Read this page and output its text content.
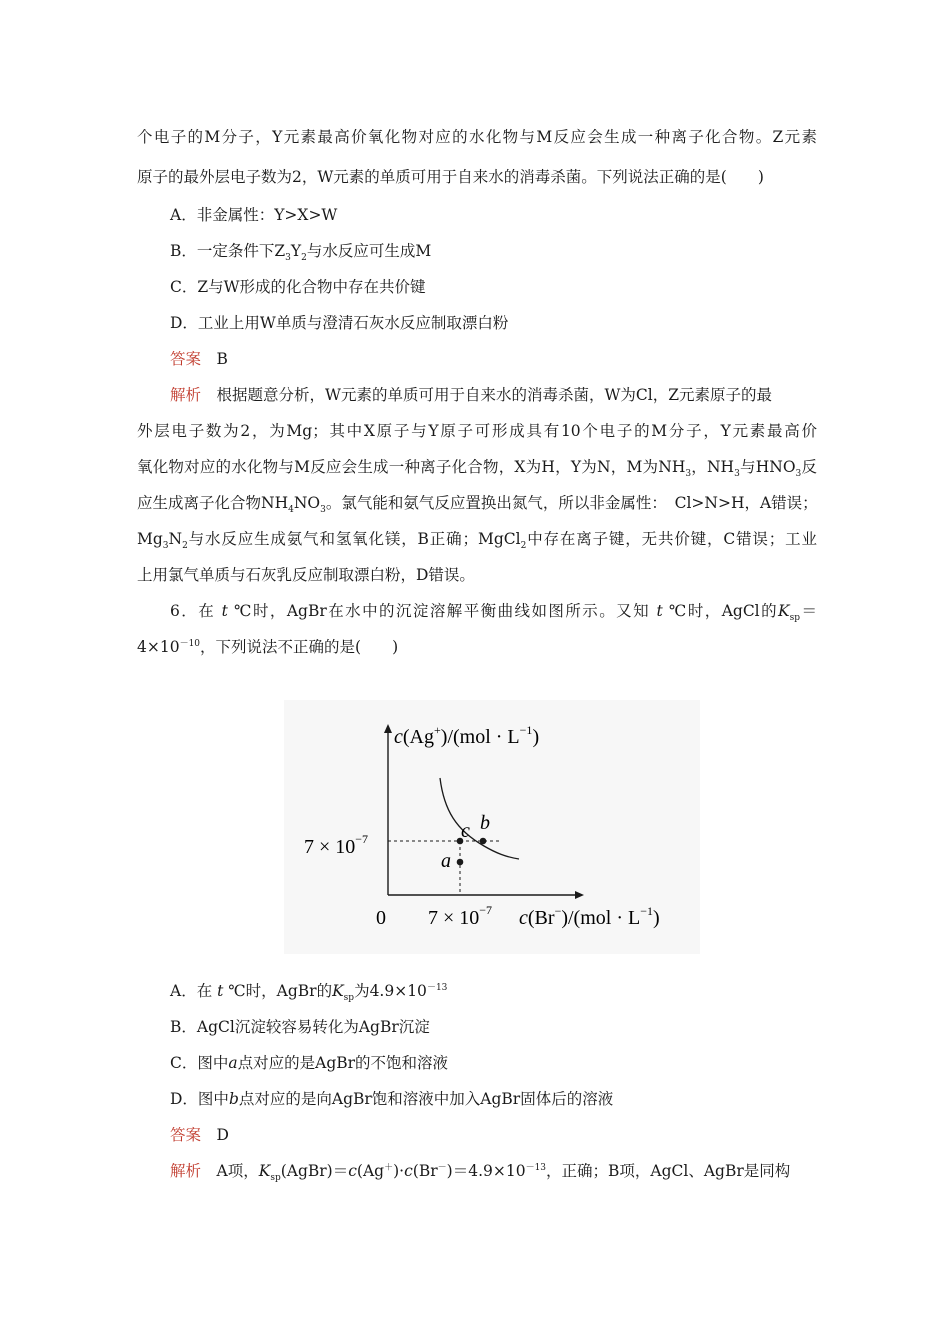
个电子的M分子，Y元素最高价氧化物对应的水化物与M反应会生成一种离子化合物。Z元素
原子的最外层电子数为2，W元素的单质可用于自来水的消毒杀菌。下列说法正确的是(　　)
A．非金属性：Y>X>W
B．一定条件下$Z_3Y_2$与水反应可生成M
C．Z与W形成的化合物中存在共价键
D．工业上用W单质与澄清石灰水反应制取漂白粉
答案　 B
解析　 根据题意分析，W元素的单质可用于自来水的消毒杀菌，W为Cl，Z元素原子的最
外层电子数为2，为Mg；其中X原子与Y原子可形成具有10个电子的M分子，Y元素最高价
氧化物对应的水化物与M反应会生成一种离子化合物，X为H，Y为N，M为$NH_3$，$NH_3$与$HNO_3$反
应生成离子化合物$NH_4NO_3$。氯气能和氨气反应置换出氮气，所以非金属性：　Cl>N>H，A错误；
$Mg_3N_2$与水反应生成氨气和氢氧化镁，B正确；MgCl$_2$中存在离子键，无共价键，C错误；工业
上用氯气单质与石灰乳反应制取漂白粉，D错误。
6．在 t ℃时，AgBr在水中的沉淀溶解平衡曲线如图所示。又知 t ℃时，AgCl的$K_{sp}=$
$4\times 10^{-10}$，下列说法不正确的是(　　)
c b
a
$c(Ag^+)/(mol \cdot L^{-1})$
$7 \times 10^{-7}$
0 $7 \times 10^{-7}$ $c(Br^-)/(mol \cdot L^{-1})$
A．在 t ℃时，AgBr的$K_{sp}$为$4.9\times 10^{-13}$
B．AgCl沉淀较容易转化为AgBr沉淀
C．图中a点对应的是AgBr的不饱和溶液
D．图中b点对应的是向AgBr饱和溶液中加入AgBr固体后的溶液
答案　 D
解析　 A项，$K_{sp}(AgBr)=c(Ag^+)\cdot c(Br^-)=4.9\times 10^{-13}$，正确；B项，AgCl、AgBr是同构
